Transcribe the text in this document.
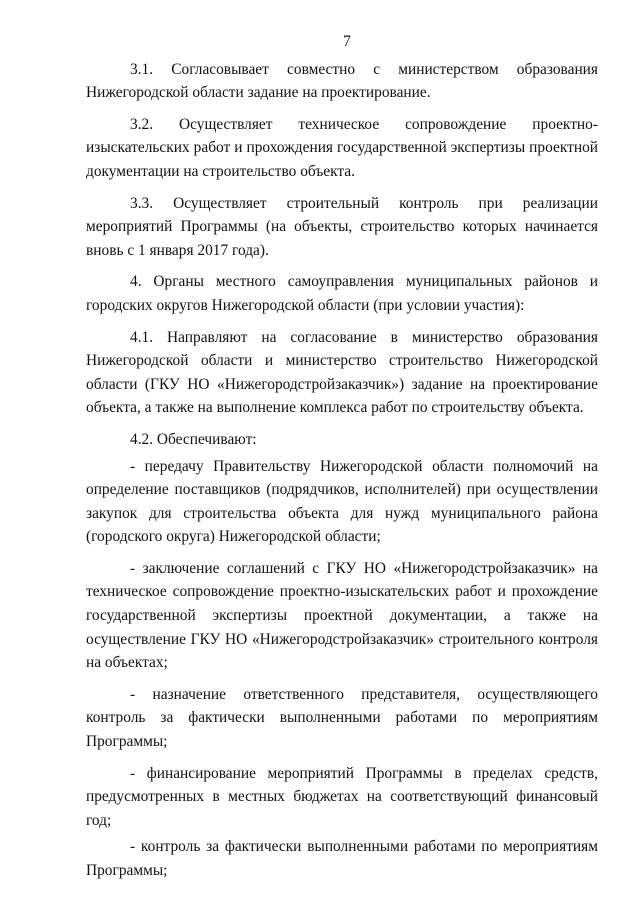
7

3.1. Согласовывает совместно с министерством образования Нижегородской области задание на проектирование.

3.2. Осуществляет техническое сопровождение проектно-изыскательских работ и прохождения государственной экспертизы проектной документации на строительство объекта.

3.3. Осуществляет строительный контроль при реализации мероприятий Программы (на объекты, строительство которых начинается вновь с 1 января 2017 года).

4. Органы местного самоуправления муниципальных районов и городских округов Нижегородской области (при условии участия):

4.1. Направляют на согласование в министерство образования Нижегородской области и министерство строительство Нижегородской области (ГКУ НО «Нижегородстройзаказчик») задание на проектирование объекта, а также на выполнение комплекса работ по строительству объекта.

4.2. Обеспечивают:

- передачу Правительству Нижегородской области полномочий на определение поставщиков (подрядчиков, исполнителей) при осуществлении закупок для строительства объекта для нужд муниципального района (городского округа) Нижегородской области;

- заключение соглашений с ГКУ НО «Нижегородстройзаказчик» на техническое сопровождение проектно-изыскательских работ и прохождение государственной экспертизы проектной документации, а также на осуществление ГКУ НО «Нижегородстройзаказчик» строительного контроля на объектах;

- назначение ответственного представителя, осуществляющего контроль за фактически выполненными работами по мероприятиям Программы;

- финансирование мероприятий Программы в пределах средств, предусмотренных в местных бюджетах на соответствующий финансовый год;

- контроль за фактически выполненными работами по мероприятиям Программы;
